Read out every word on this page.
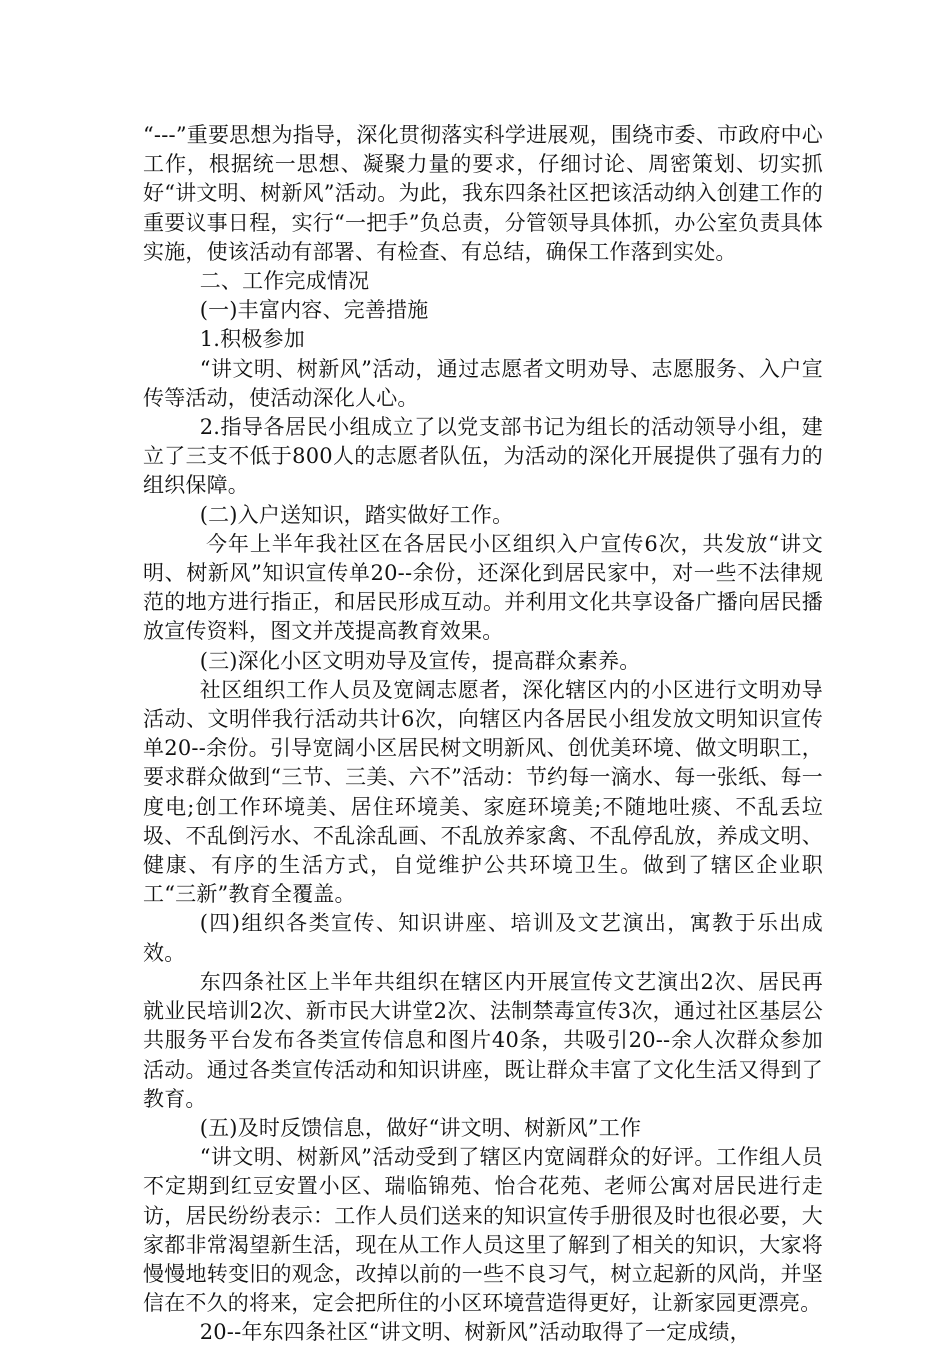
“---”重要思想为指导，深化贯彻落实科学进展观，围绕市委、市政府中心工作，根据统一思想、凝聚力量的要求，仔细讨论、周密策划、切实抓好“讲文明、树新风”活动。为此，我东四条社区把该活动纳入创建工作的重要议事日程，实行“一把手”负总责，分管领导具体抓，办公室负责具体实施，使该活动有部署、有检查、有总结，确保工作落到实处。

二、工作完成情况

(一)丰富内容、完善措施

1.积极参加

“讲文明、树新风”活动，通过志愿者文明劝导、志愿服务、入户宣传等活动，使活动深化人心。

2.指导各居民小组成立了以党支部书记为组长的活动领导小组，建立了三支不低于800人的志愿者队伍，为活动的深化开展提供了强有力的组织保障。

(二)入户送知识，踏实做好工作。

今年上半年我社区在各居民小区组织入户宣传6次，共发放“讲文明、树新风”知识宣传单20--余份，还深化到居民家中，对一些不法律规范的地方进行指正，和居民形成互动。并利用文化共享设备广播向居民播放宣传资料，图文并茂提高教育效果。

(三)深化小区文明劝导及宣传，提高群众素养。

社区组织工作人员及宽阔志愿者，深化辖区内的小区进行文明劝导活动、文明伴我行活动共计6次，向辖区内各居民小组发放文明知识宣传单20--余份。引导宽阔小区居民树文明新风、创优美环境、做文明职工，要求群众做到“三节、三美、六不”活动：节约每一滴水、每一张纸、每一度电;创工作环境美、居住环境美、家庭环境美;不随地吐痰、不乱丢垃圾、不乱倒污水、不乱涂乱画、不乱放养家禽、不乱停乱放，养成文明、健康、有序的生活方式，自觉维护公共环境卫生。做到了辖区企业职工“三新”教育全覆盖。

(四)组织各类宣传、知识讲座、培训及文艺演出，寓教于乐出成效。

东四条社区上半年共组织在辖区内开展宣传文艺演出2次、居民再就业民培训2次、新市民大讲堂2次、法制禁毒宣传3次，通过社区基层公共服务平台发布各类宣传信息和图片40条，共吸引20--余人次群众参加活动。通过各类宣传活动和知识讲座，既让群众丰富了文化生活又得到了教育。

(五)及时反馈信息，做好“讲文明、树新风”工作

“讲文明、树新风”活动受到了辖区内宽阔群众的好评。工作组人员不定期到红豆安置小区、瑞临锦苑、怡合花苑、老师公寓对居民进行走访，居民纷纷表示：工作人员们送来的知识宣传手册很及时也很必要，大家都非常渴望新生活，现在从工作人员这里了解到了相关的知识，大家将慢慢地转变旧的观念，改掉以前的一些不良习气，树立起新的风尚，并坚信在不久的将来，定会把所住的小区环境营造得更好，让新家园更漂亮。

20--年东四条社区“讲文明、树新风”活动取得了一定成绩，
